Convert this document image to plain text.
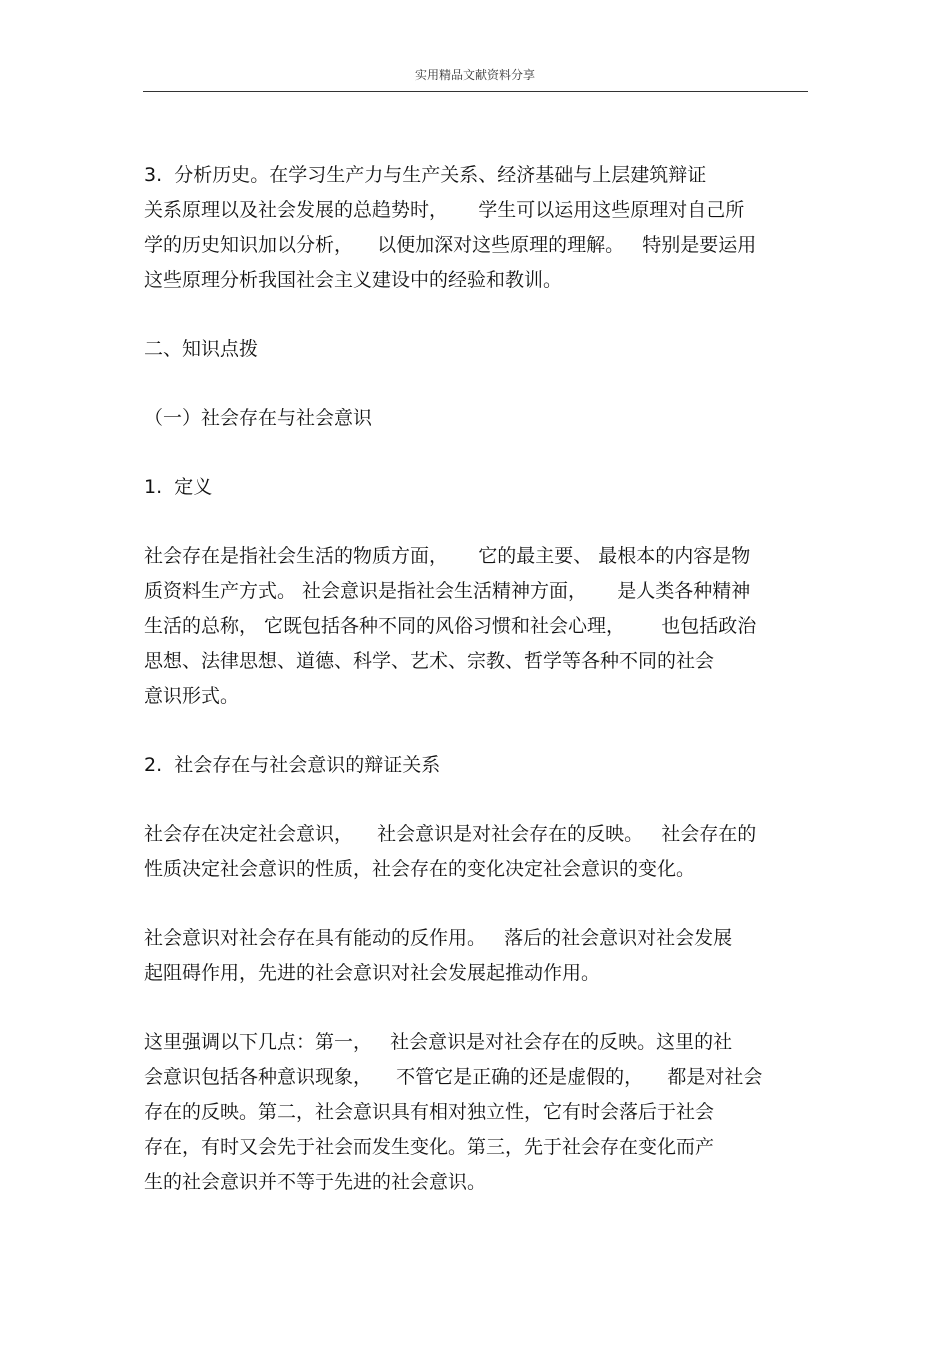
实用精品文献资料分享
3.  分析历史。在学习生产力与生产关系、经济基础与上层建筑辩证
关系原理以及社会发展的总趋势时，     学生可以运用这些原理对自己所
学的历史知识加以分析，    以便加深对这些原理的理解。   特别是要运用
这些原理分析我国社会主义建设中的经验和教训。
二、知识点拨
（一）社会存在与社会意识
1.  定义
社会存在是指社会生活的物质方面，     它的最主要、 最根本的内容是物
质资料生产方式。 社会意识是指社会生活精神方面，     是人类各种精神
生活的总称， 它既包括各种不同的风俗习惯和社会心理，      也包括政治
思想、法律思想、道德、科学、艺术、宗教、哲学等各种不同的社会
意识形式。
2.  社会存在与社会意识的辩证关系
社会存在决定社会意识，    社会意识是对社会存在的反映。   社会存在的
性质决定社会意识的性质，社会存在的变化决定社会意识的变化。
社会意识对社会存在具有能动的反作用。   落后的社会意识对社会发展
起阻碍作用，先进的社会意识对社会发展起推动作用。
这里强调以下几点：第一，   社会意识是对社会存在的反映。这里的社
会意识包括各种意识现象，    不管它是正确的还是虚假的，    都是对社会
存在的反映。第二，社会意识具有相对独立性，它有时会落后于社会
存在，有时又会先于社会而发生变化。第三，先于社会存在变化而产
生的社会意识并不等于先进的社会意识。
